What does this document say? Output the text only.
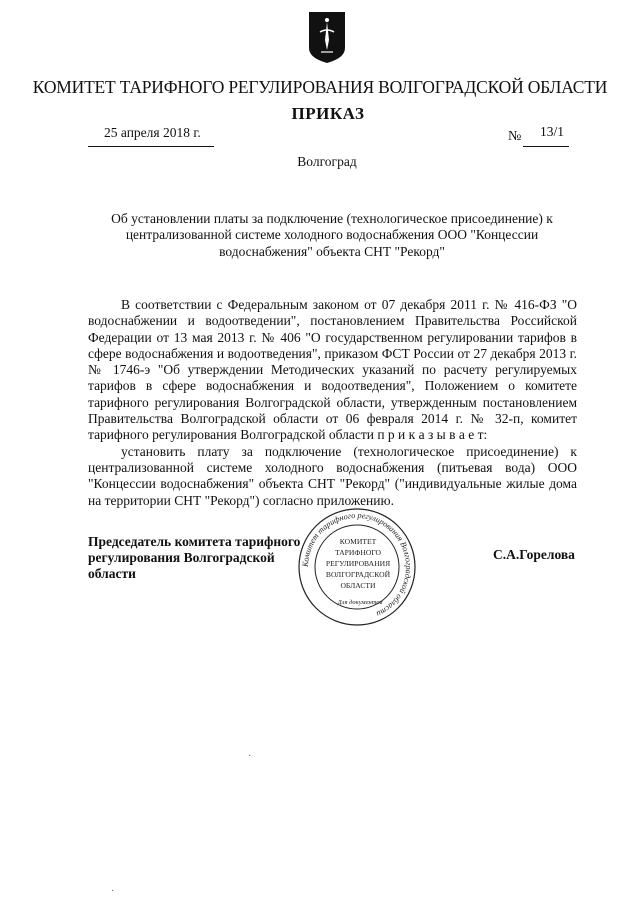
КОМИТЕТ ТАРИФНОГО РЕГУЛИРОВАНИЯ ВОЛГОГРАДСКОЙ ОБЛАСТИ
ПРИКАЗ
25 апреля 2018 г.	№ 13/1
Волгоград
Об установлении платы за подключение (технологическое присоединение) к централизованной системе холодного водоснабжения ООО "Концессии водоснабжения" объекта СНТ "Рекорд"

В соответствии с Федеральным законом от 07 декабря 2011 г. № 416-ФЗ "О водоснабжении и водоотведении", постановлением Правительства Российской Федерации от 13 мая 2013 г. № 406 "О государственном регулировании тарифов в сфере водоснабжения и водоотведения", приказом ФСТ России от 27 декабря 2013 г. № 1746-э "Об утверждении Методических указаний по расчету регулируемых тарифов в сфере водоснабжения и водоотведения", Положением о комитете тарифного регулирования Волгоградской области, утвержденным постановлением Правительства Волгоградской области от 06 февраля 2014 г. № 32-п, комитет тарифного регулирования Волгоградской области п р и к а з ы в а е т:

установить плату за подключение (технологическое присоединение) к централизованной системе холодного водоснабжения (питьевая вода) ООО "Концессии водоснабжения" объекта СНТ "Рекорд" ("индивидуальные жилые дома на территории СНТ "Рекорд") согласно приложению.

Председатель комитета тарифного
регулирования Волгоградской области
С.А.Горелова
Комитет тарифного регулирования Волгоградской области
КОМИТЕТ
ТАРИФНОГО
РЕГУЛИРОВАНИЯ
ВОЛГОГРАДСКОЙ
ОБЛАСТИ
Для документов
·
·
